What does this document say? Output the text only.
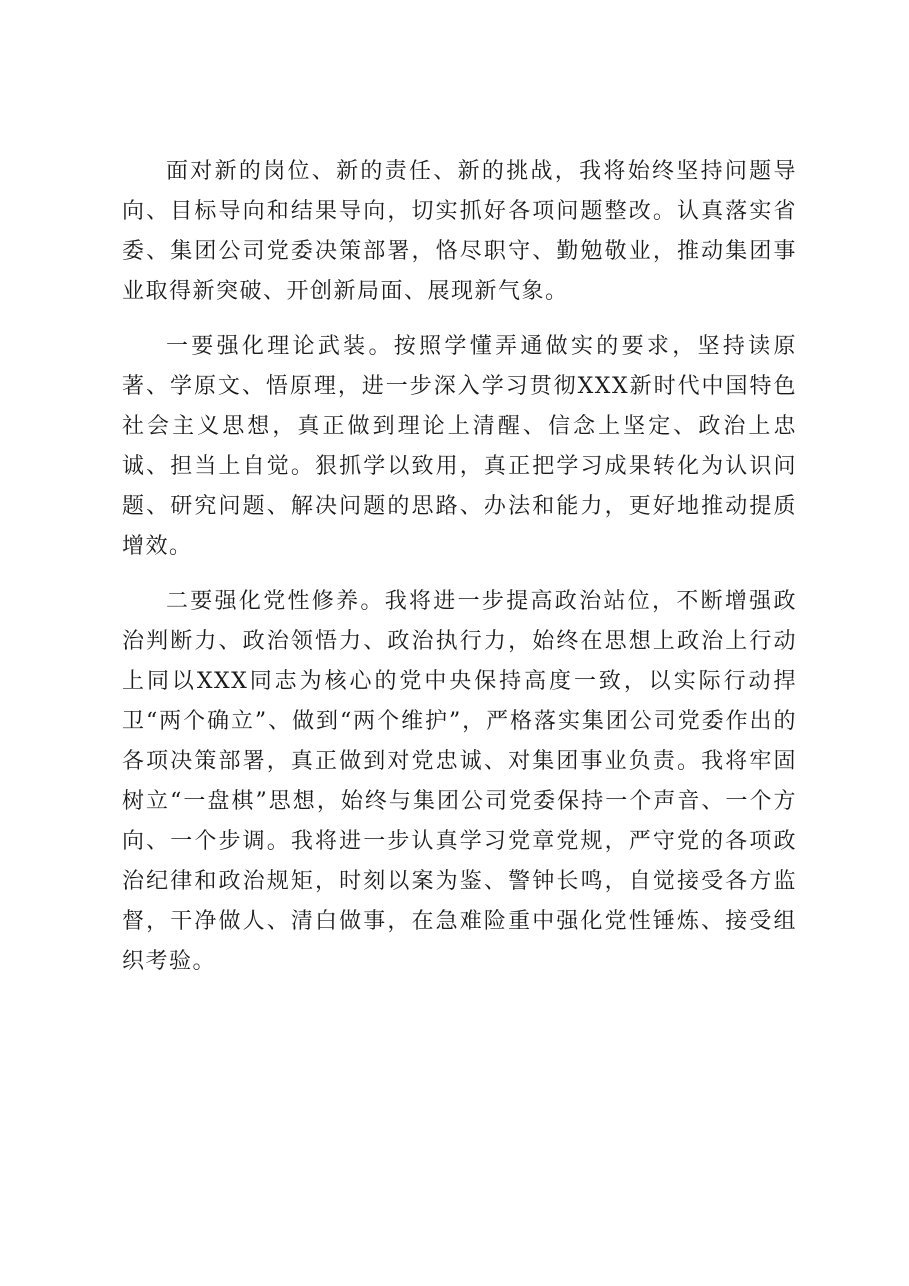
面对新的岗位、新的责任、新的挑战，我将始终坚持问题导向、目标导向和结果导向，切实抓好各项问题整改。认真落实省委、集团公司党委决策部署，恪尽职守、勤勉敬业，推动集团事业取得新突破、开创新局面、展现新气象。

一要强化理论武装。按照学懂弄通做实的要求，坚持读原著、学原文、悟原理，进一步深入学习贯彻XXX新时代中国特色社会主义思想，真正做到理论上清醒、信念上坚定、政治上忠诚、担当上自觉。狠抓学以致用，真正把学习成果转化为认识问题、研究问题、解决问题的思路、办法和能力，更好地推动提质增效。

二要强化党性修养。我将进一步提高政治站位，不断增强政治判断力、政治领悟力、政治执行力，始终在思想上政治上行动上同以XXX同志为核心的党中央保持高度一致，以实际行动捍卫“两个确立”、做到“两个维护”，严格落实集团公司党委作出的各项决策部署，真正做到对党忠诚、对集团事业负责。我将牢固树立“一盘棋”思想，始终与集团公司党委保持一个声音、一个方向、一个步调。我将进一步认真学习党章党规，严守党的各项政治纪律和政治规矩，时刻以案为鉴、警钟长鸣，自觉接受各方监督，干净做人、清白做事，在急难险重中强化党性锤炼、接受组织考验。
